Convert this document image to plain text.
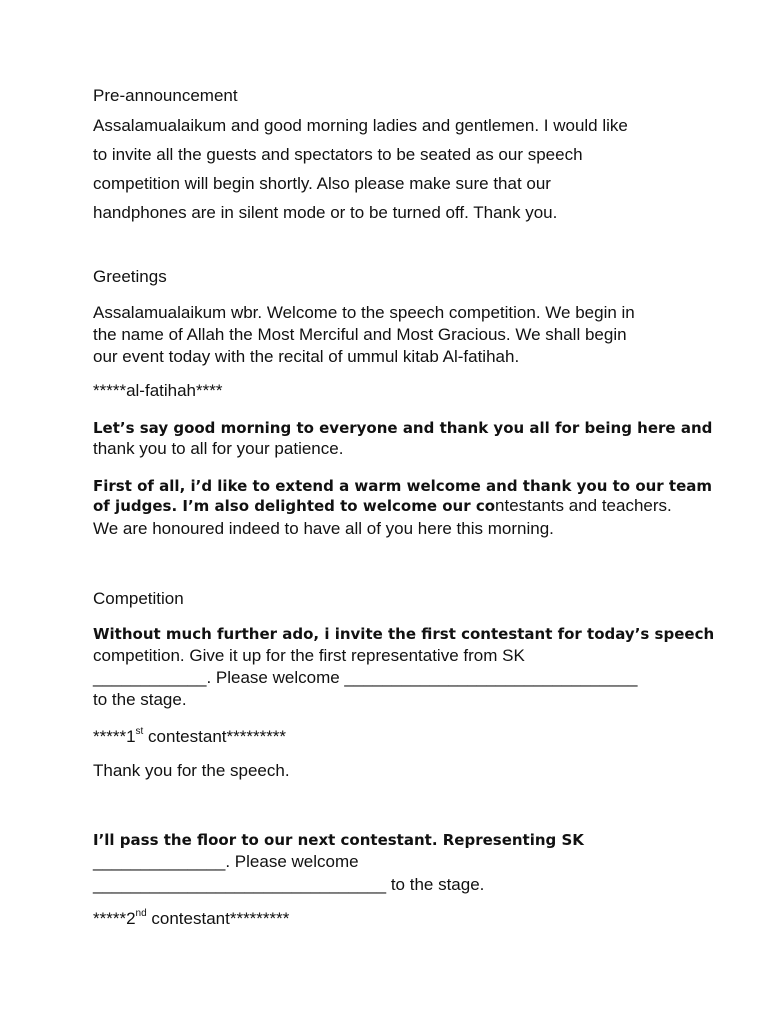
Pre-announcement

Assalamualaikum and good morning ladies and gentlemen. I would like

to invite all the guests and spectators to be seated as our speech

competition will begin shortly. Also please make sure that our

handphones are in silent mode or to be turned off. Thank you.

Greetings

Assalamualaikum wbr. Welcome to the speech competition. We begin in

the name of Allah the Most Merciful and Most Gracious. We shall begin

our event today with the recital of ummul kitab Al-fatihah.

*****al-fatihah****

Let’s say good morning to everyone and thank you all for being here and

thank you to all for your patience.

First of all, i’d like to extend a warm welcome and thank you to our team

of judges. I’m also delighted to welcome our contestants and teachers.

We are honoured indeed to have all of you here this morning.

Competition

Without much further ado, i invite the first contestant for today’s speech

competition. Give it up for the first representative from SK

____________. Please welcome _______________________________

to the stage.

*****1st contestant*********

Thank you for the speech.

I’ll pass the floor to our next contestant. Representing SK

______________. Please welcome

_______________________________ to the stage.

*****2nd contestant*********
